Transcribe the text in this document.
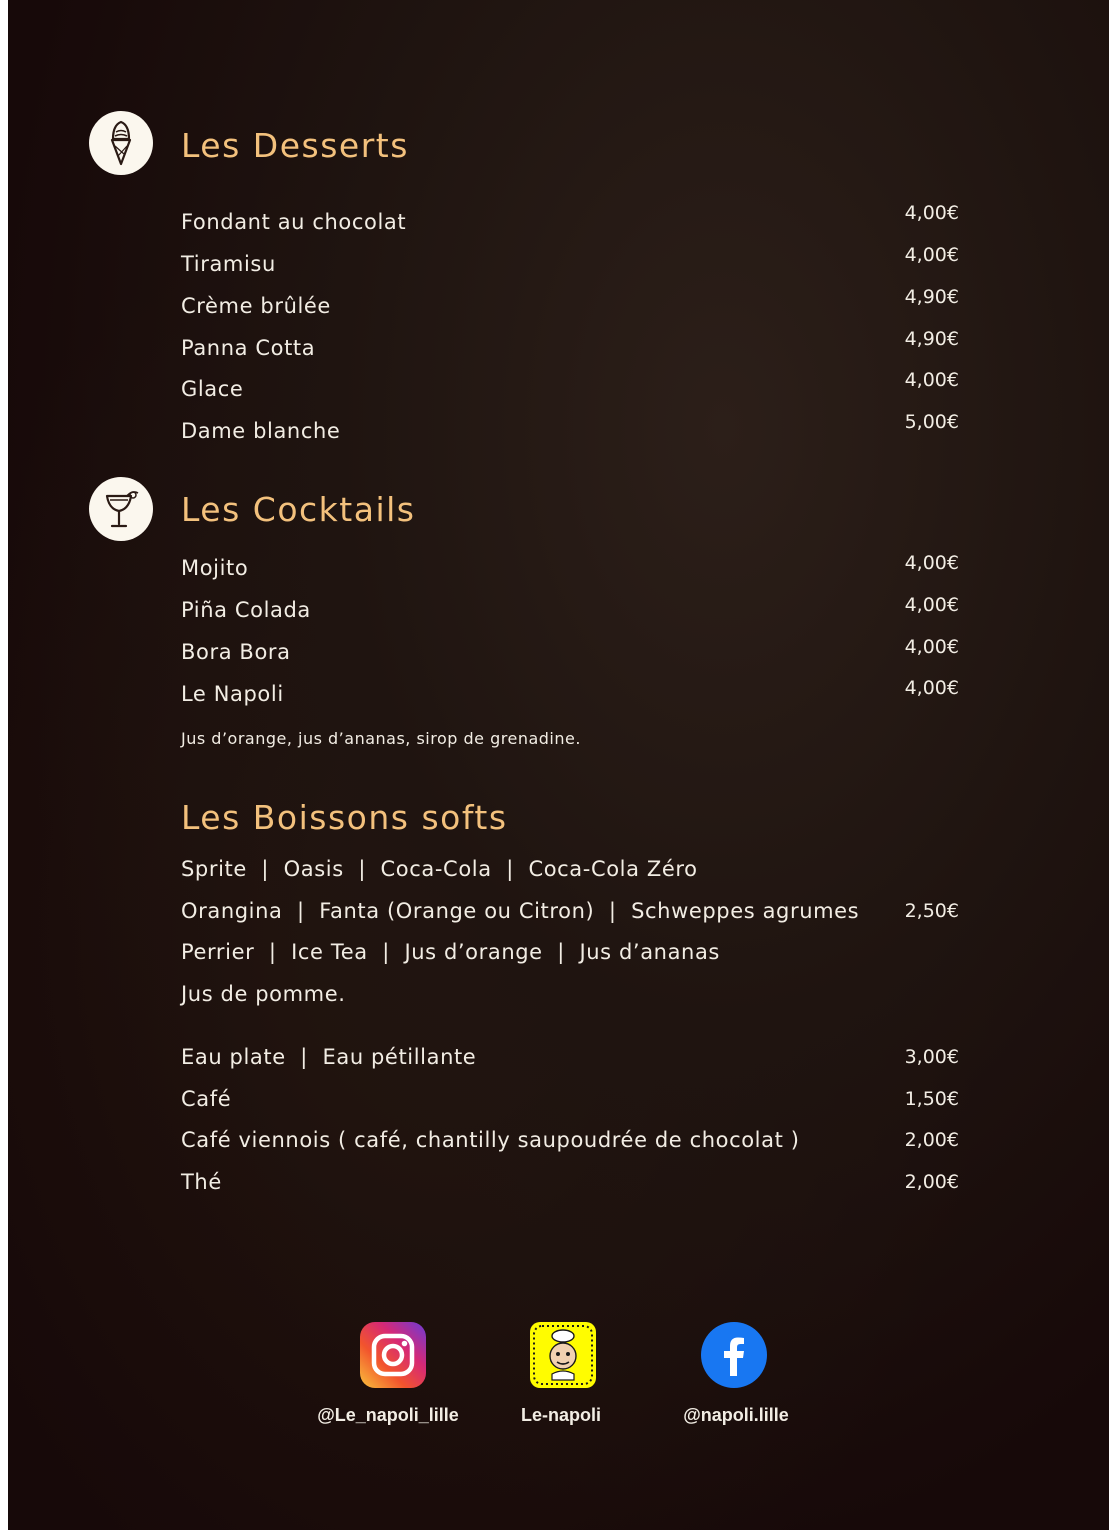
Les Desserts
Fondant au chocolat	4,00€
Tiramisu	4,00€
Crème brûlée	4,90€
Panna Cotta	4,90€
Glace	4,00€
Dame blanche	5,00€
Les Cocktails
Mojito	4,00€
Piña Colada	4,00€
Bora Bora	4,00€
Le Napoli	4,00€
Jus d’orange, jus d’ananas, sirop de grenadine.
Les Boissons softs
Sprite  |  Oasis  |  Coca-Cola  |  Coca-Cola Zéro
Orangina  |  Fanta (Orange ou Citron)  |  Schweppes agrumes 2,50€
Perrier  |  Ice Tea  |  Jus d’orange  |  Jus d’ananas
Jus de pomme.
Eau plate  |  Eau pétillante	3,00€
Café	1,50€
Café viennois ( café, chantilly saupoudrée de chocolat )	2,00€
Thé	2,00€
@Le_napoli_lille	Le-napoli	@napoli.lille
